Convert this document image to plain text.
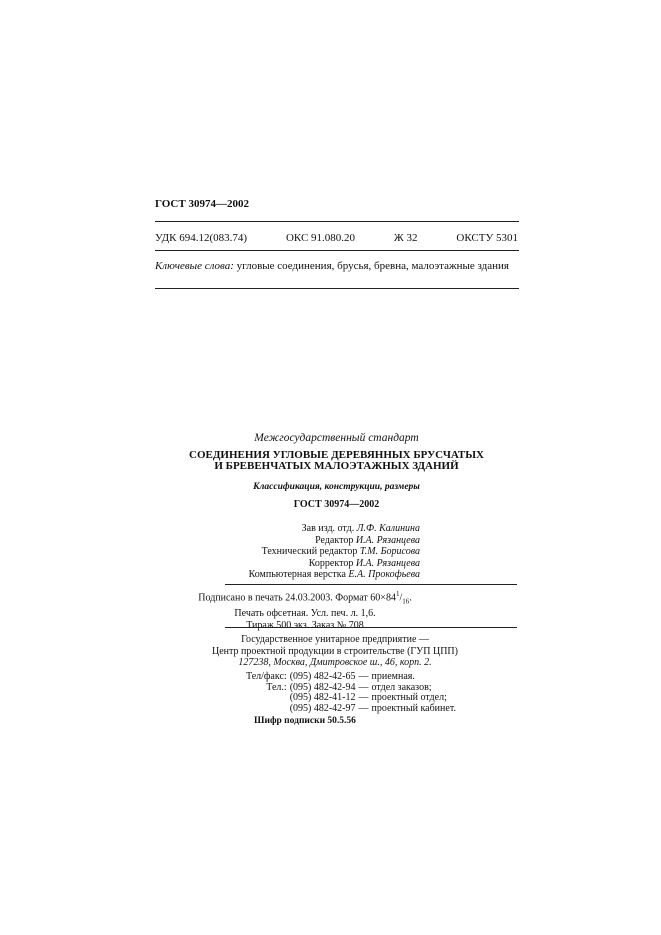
ГОСТ 30974—2002
УДК 694.12(083.74)	ОКС 91.080.20	Ж 32	ОКСТУ 5301
Ключевые слова: угловые соединения, брусья, бревна, малоэтажные здания
Межгосударственный стандарт
СОЕДИНЕНИЯ УГЛОВЫЕ ДЕРЕВЯННЫХ БРУСЧАТЫХ
И БРЕВЕНЧАТЫХ МАЛОЭТАЖНЫХ ЗДАНИЙ
Классификация, конструкции, размеры
ГОСТ 30974—2002
Зав изд. отд. Л.Ф. Калинина
Редактор И.А. Рязанцева
Технический редактор Т.М. Борисова
Корректор И.А. Рязанцева
Компьютерная верстка Е.А. Прокофьева
Подписано в печать 24.03.2003. Формат $60\times 84^1/_{16}$.
Печать офсетная. Усл. печ. л. 1,6.
Тираж 500 экз. Заказ № 708
Государственное унитарное предприятие —
Центр проектной продукции в строительстве (ГУП ЦПП)
127238, Москва, Дмитровское ш., 46, корп. 2.
Тел/факс:	(095) 482-42-65	—	приемная.
Тел.:	(095) 482-42-94	—	отдел заказов;
	(095) 482-41-12	—	проектный отдел;
	(095) 482-42-97	—	проектный кабинет.
Шифр подписки 50.5.56
